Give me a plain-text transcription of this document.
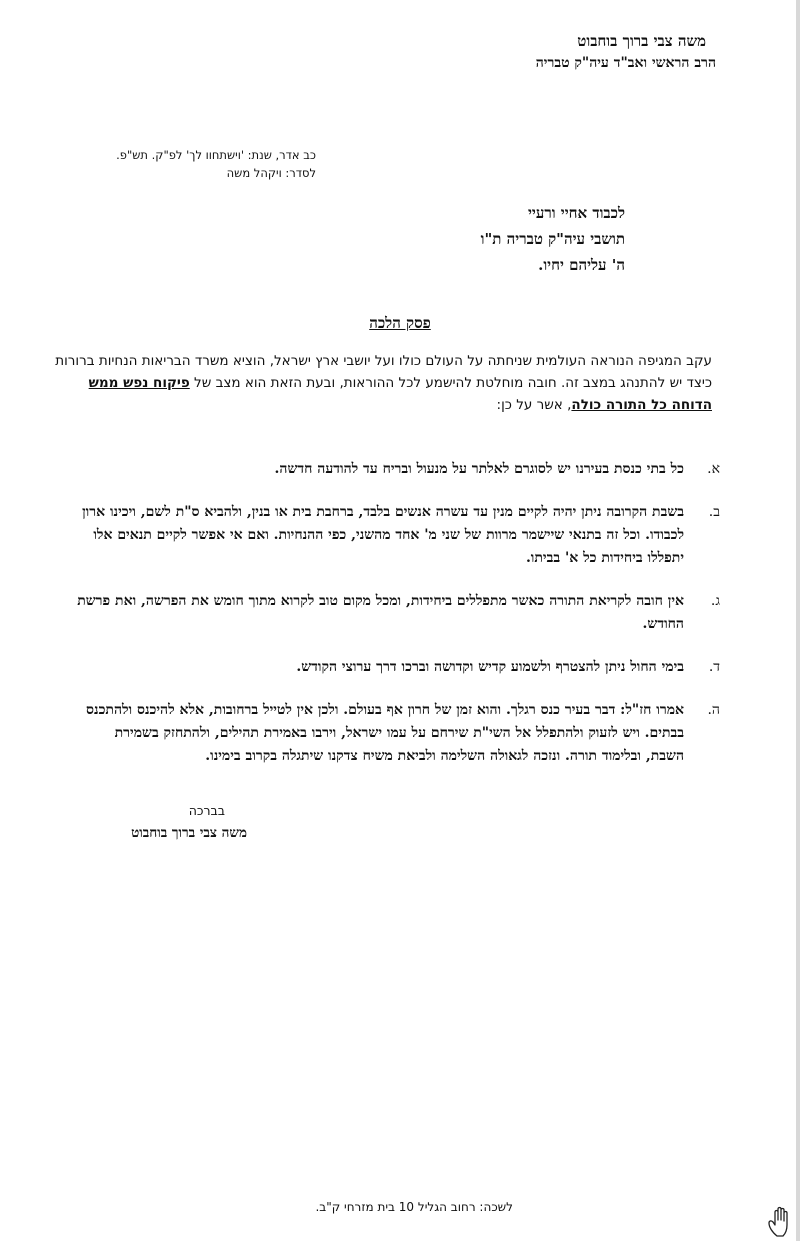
משה צבי ברוך בוחבוט
הרב הראשי ואב"ד עיה"ק טבריה
כב אדר, שנת: 'וישתחוו לך' לפ"ק. תש"פ.
לסדר: ויקהל משה
לכבוד אחיי ורעיי
תושבי עיה"ק טבריה ת"ו
ה' עליהם יחיו.
פסק הלכה
עקב המגיפה הנוראה העולמית שניחתה על העולם כולו ועל יושבי ארץ ישראל, הוציא משרד הבריאות הנחיות ברורות כיצד יש להתנהג במצב זה. חובה מוחלטת להישמע לכל ההוראות, ובעת הזאת הוא מצב של פיקוח נפש ממש הדוחה כל התורה כולה, אשר על כן:
א.
כל בתי כנסת בעירנו יש לסוגרם לאלתר על מנעול ובריח עד להודעה חדשה.
ב.
בשבת הקרובה ניתן יהיה לקיים מנין עד עשרה אנשים בלבד, ברחבת בית או בנין, ולהביא ס"ת לשם, ויכינו ארון לכבודו. וכל זה בתנאי שיישמר מרוות של שני מ' אחד מהשני, כפי ההנחיות. ואם אי אפשר לקיים תנאים אלו יתפללו ביחידות כל א' בביתו.
ג.
אין חובה לקריאת התורה כאשר מתפללים ביחידות, ומכל מקום טוב לקרוא מתוך חומש את הפרשה, ואת פרשת החודש.
ד.
בימי החול ניתן להצטרף ולשמוע קדיש וקדושה וברכו דרך ערוצי הקודש.
ה.
אמרו חז"ל: דבר בעיר כנס רגלך. והוא זמן של חרון אף בעולם. ולכן אין לטייל ברחובות, אלא להיכנס ולהתכנס בבתים. ויש לזעוק ולהתפלל אל השי"ת שירחם על עמו ישראל, וירבו באמירת תהילים, ולהתחזק בשמירת השבת, ובלימוד תורה. ונזכה לגאולה השלימה ולביאת משיח צדקנו שיתגלה בקרוב בימינו.
בברכה
משה צבי ברוך בוחבוט
לשכה: רחוב הגליל 10 בית מזרחי ק"ב.
